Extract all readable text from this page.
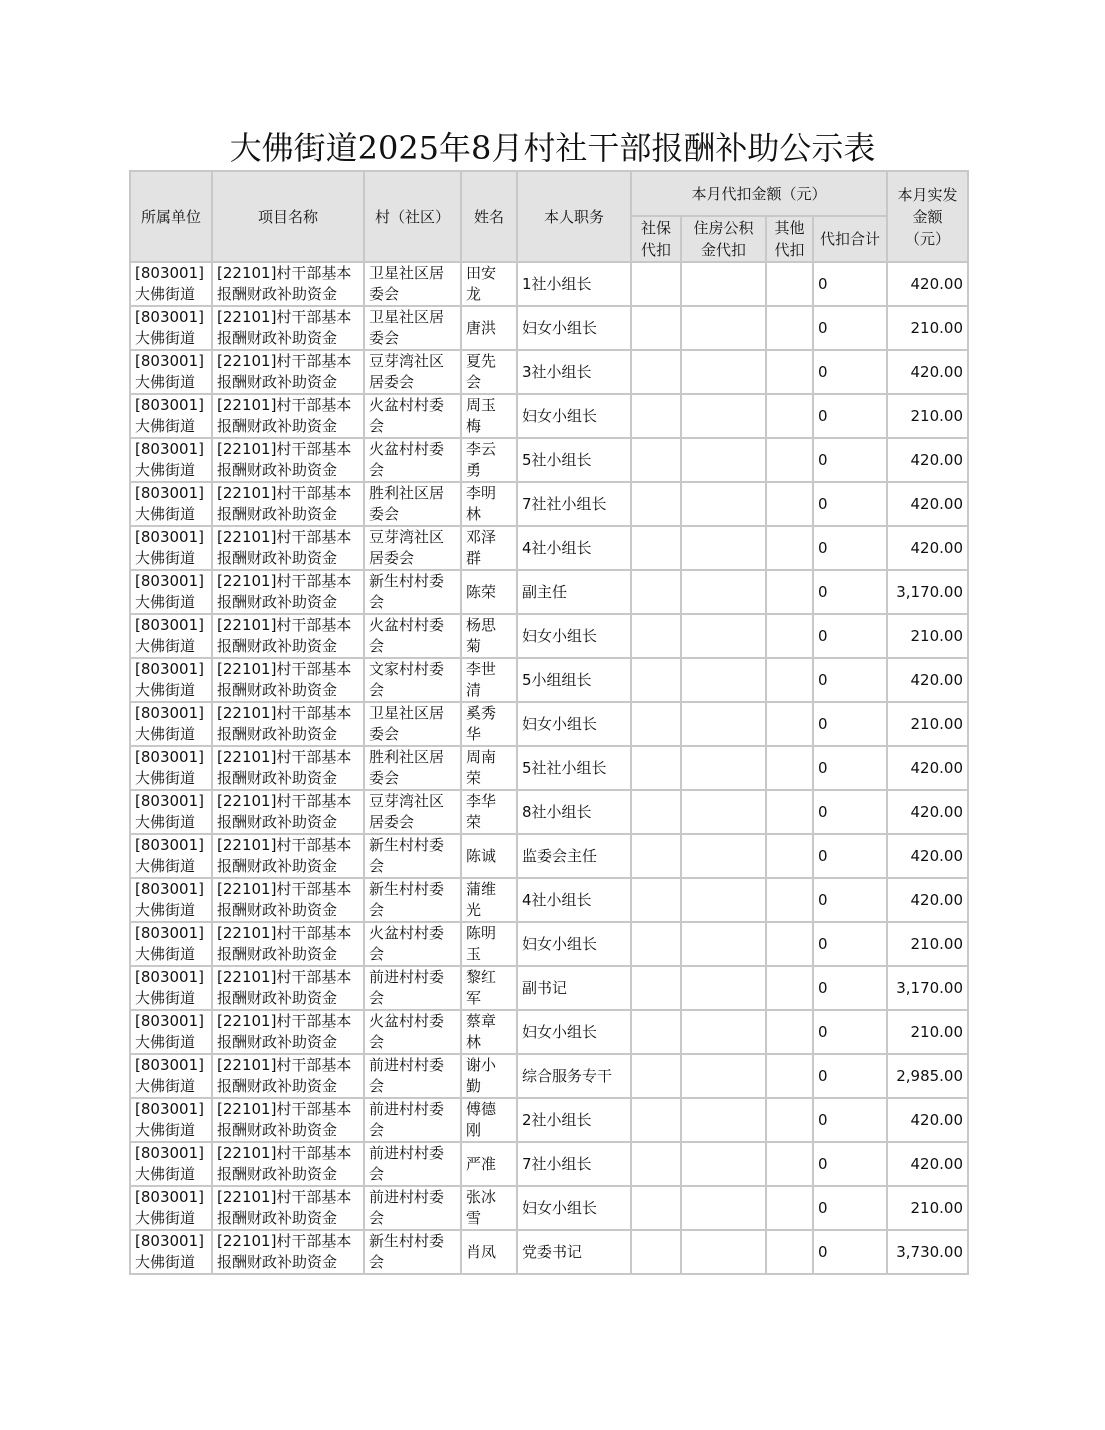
大佛街道2025年8月村社干部报酬补助公示表
所属单位	项目名称	村（社区）	姓名	本人职务	本月代扣金额（元）				本月实发
金额
（元）

					社保
代扣	住房公积
金代扣	其他
代扣	代扣合计	

[803001]
大佛街道	[22101]村干部基本
报酬财政补助资金	卫星社区居
委会	田安
龙	1社小组长				0	420.00

[803001]
大佛街道	[22101]村干部基本
报酬财政补助资金	卫星社区居
委会	唐洪	妇女小组长				0	210.00

[803001]
大佛街道	[22101]村干部基本
报酬财政补助资金	豆芽湾社区
居委会	夏先
会	3社小组长				0	420.00

[803001]
大佛街道	[22101]村干部基本
报酬财政补助资金	火盆村村委
会	周玉
梅	妇女小组长				0	210.00

[803001]
大佛街道	[22101]村干部基本
报酬财政补助资金	火盆村村委
会	李云
勇	5社小组长				0	420.00

[803001]
大佛街道	[22101]村干部基本
报酬财政补助资金	胜利社区居
委会	李明
林	7社社小组长				0	420.00

[803001]
大佛街道	[22101]村干部基本
报酬财政补助资金	豆芽湾社区
居委会	邓泽
群	4社小组长				0	420.00

[803001]
大佛街道	[22101]村干部基本
报酬财政补助资金	新生村村委
会	陈荣	副主任				0	3,170.00

[803001]
大佛街道	[22101]村干部基本
报酬财政补助资金	火盆村村委
会	杨思
菊	妇女小组长				0	210.00

[803001]
大佛街道	[22101]村干部基本
报酬财政补助资金	文家村村委
会	李世
清	5小组组长				0	420.00

[803001]
大佛街道	[22101]村干部基本
报酬财政补助资金	卫星社区居
委会	奚秀
华	妇女小组长				0	210.00

[803001]
大佛街道	[22101]村干部基本
报酬财政补助资金	胜利社区居
委会	周南
荣	5社社小组长				0	420.00

[803001]
大佛街道	[22101]村干部基本
报酬财政补助资金	豆芽湾社区
居委会	李华
荣	8社小组长				0	420.00

[803001]
大佛街道	[22101]村干部基本
报酬财政补助资金	新生村村委
会	陈诚	监委会主任				0	420.00

[803001]
大佛街道	[22101]村干部基本
报酬财政补助资金	新生村村委
会	蒲维
光	4社小组长				0	420.00

[803001]
大佛街道	[22101]村干部基本
报酬财政补助资金	火盆村村委
会	陈明
玉	妇女小组长				0	210.00

[803001]
大佛街道	[22101]村干部基本
报酬财政补助资金	前进村村委
会	黎红
军	副书记				0	3,170.00

[803001]
大佛街道	[22101]村干部基本
报酬财政补助资金	火盆村村委
会	蔡章
林	妇女小组长				0	210.00

[803001]
大佛街道	[22101]村干部基本
报酬财政补助资金	前进村村委
会	谢小
勤	综合服务专干				0	2,985.00

[803001]
大佛街道	[22101]村干部基本
报酬财政补助资金	前进村村委
会	傅德
刚	2社小组长				0	420.00

[803001]
大佛街道	[22101]村干部基本
报酬财政补助资金	前进村村委
会	严准	7社小组长				0	420.00

[803001]
大佛街道	[22101]村干部基本
报酬财政补助资金	前进村村委
会	张冰
雪	妇女小组长				0	210.00

[803001]
大佛街道	[22101]村干部基本
报酬财政补助资金	新生村村委
会	肖凤	党委书记				0	3,730.00
